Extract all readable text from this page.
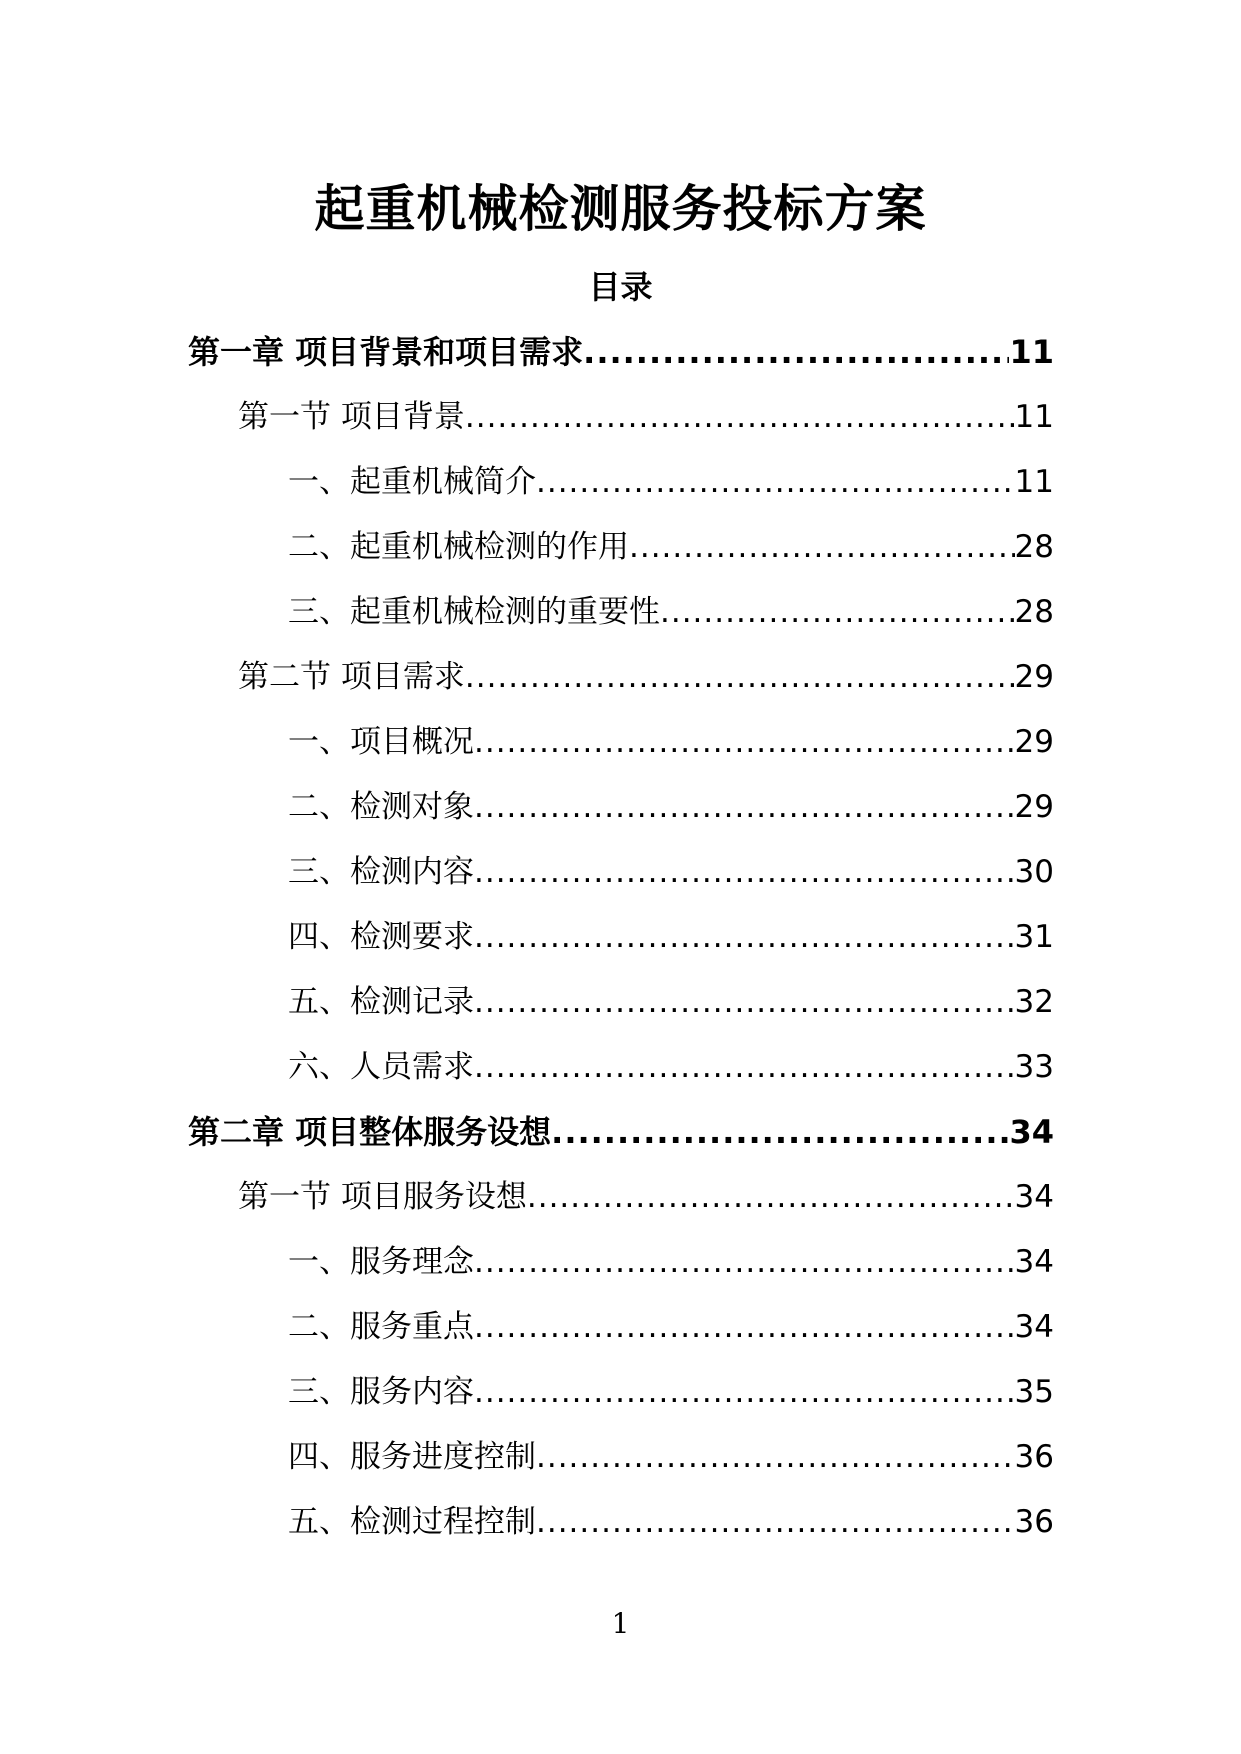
起重机械检测服务投标方案
目录
第一章 项目背景和项目需求 .....	11
第一节 项目背景 .....	11
一、起重机械简介 .....	11
二、起重机械检测的作用 .....	28
三、起重机械检测的重要性 .....	28
第二节 项目需求 .....	29
一、项目概况 .....	29
二、检测对象 .....	29
三、检测内容 .....	30
四、检测要求 .....	31
五、检测记录 .....	32
六、人员需求 .....	33
第二章 项目整体服务设想 .....	34
第一节 项目服务设想 .....	34
一、服务理念 .....	34
二、服务重点 .....	34
三、服务内容 .....	35
四、服务进度控制 .....	36
五、检测过程控制 .....	36
1
